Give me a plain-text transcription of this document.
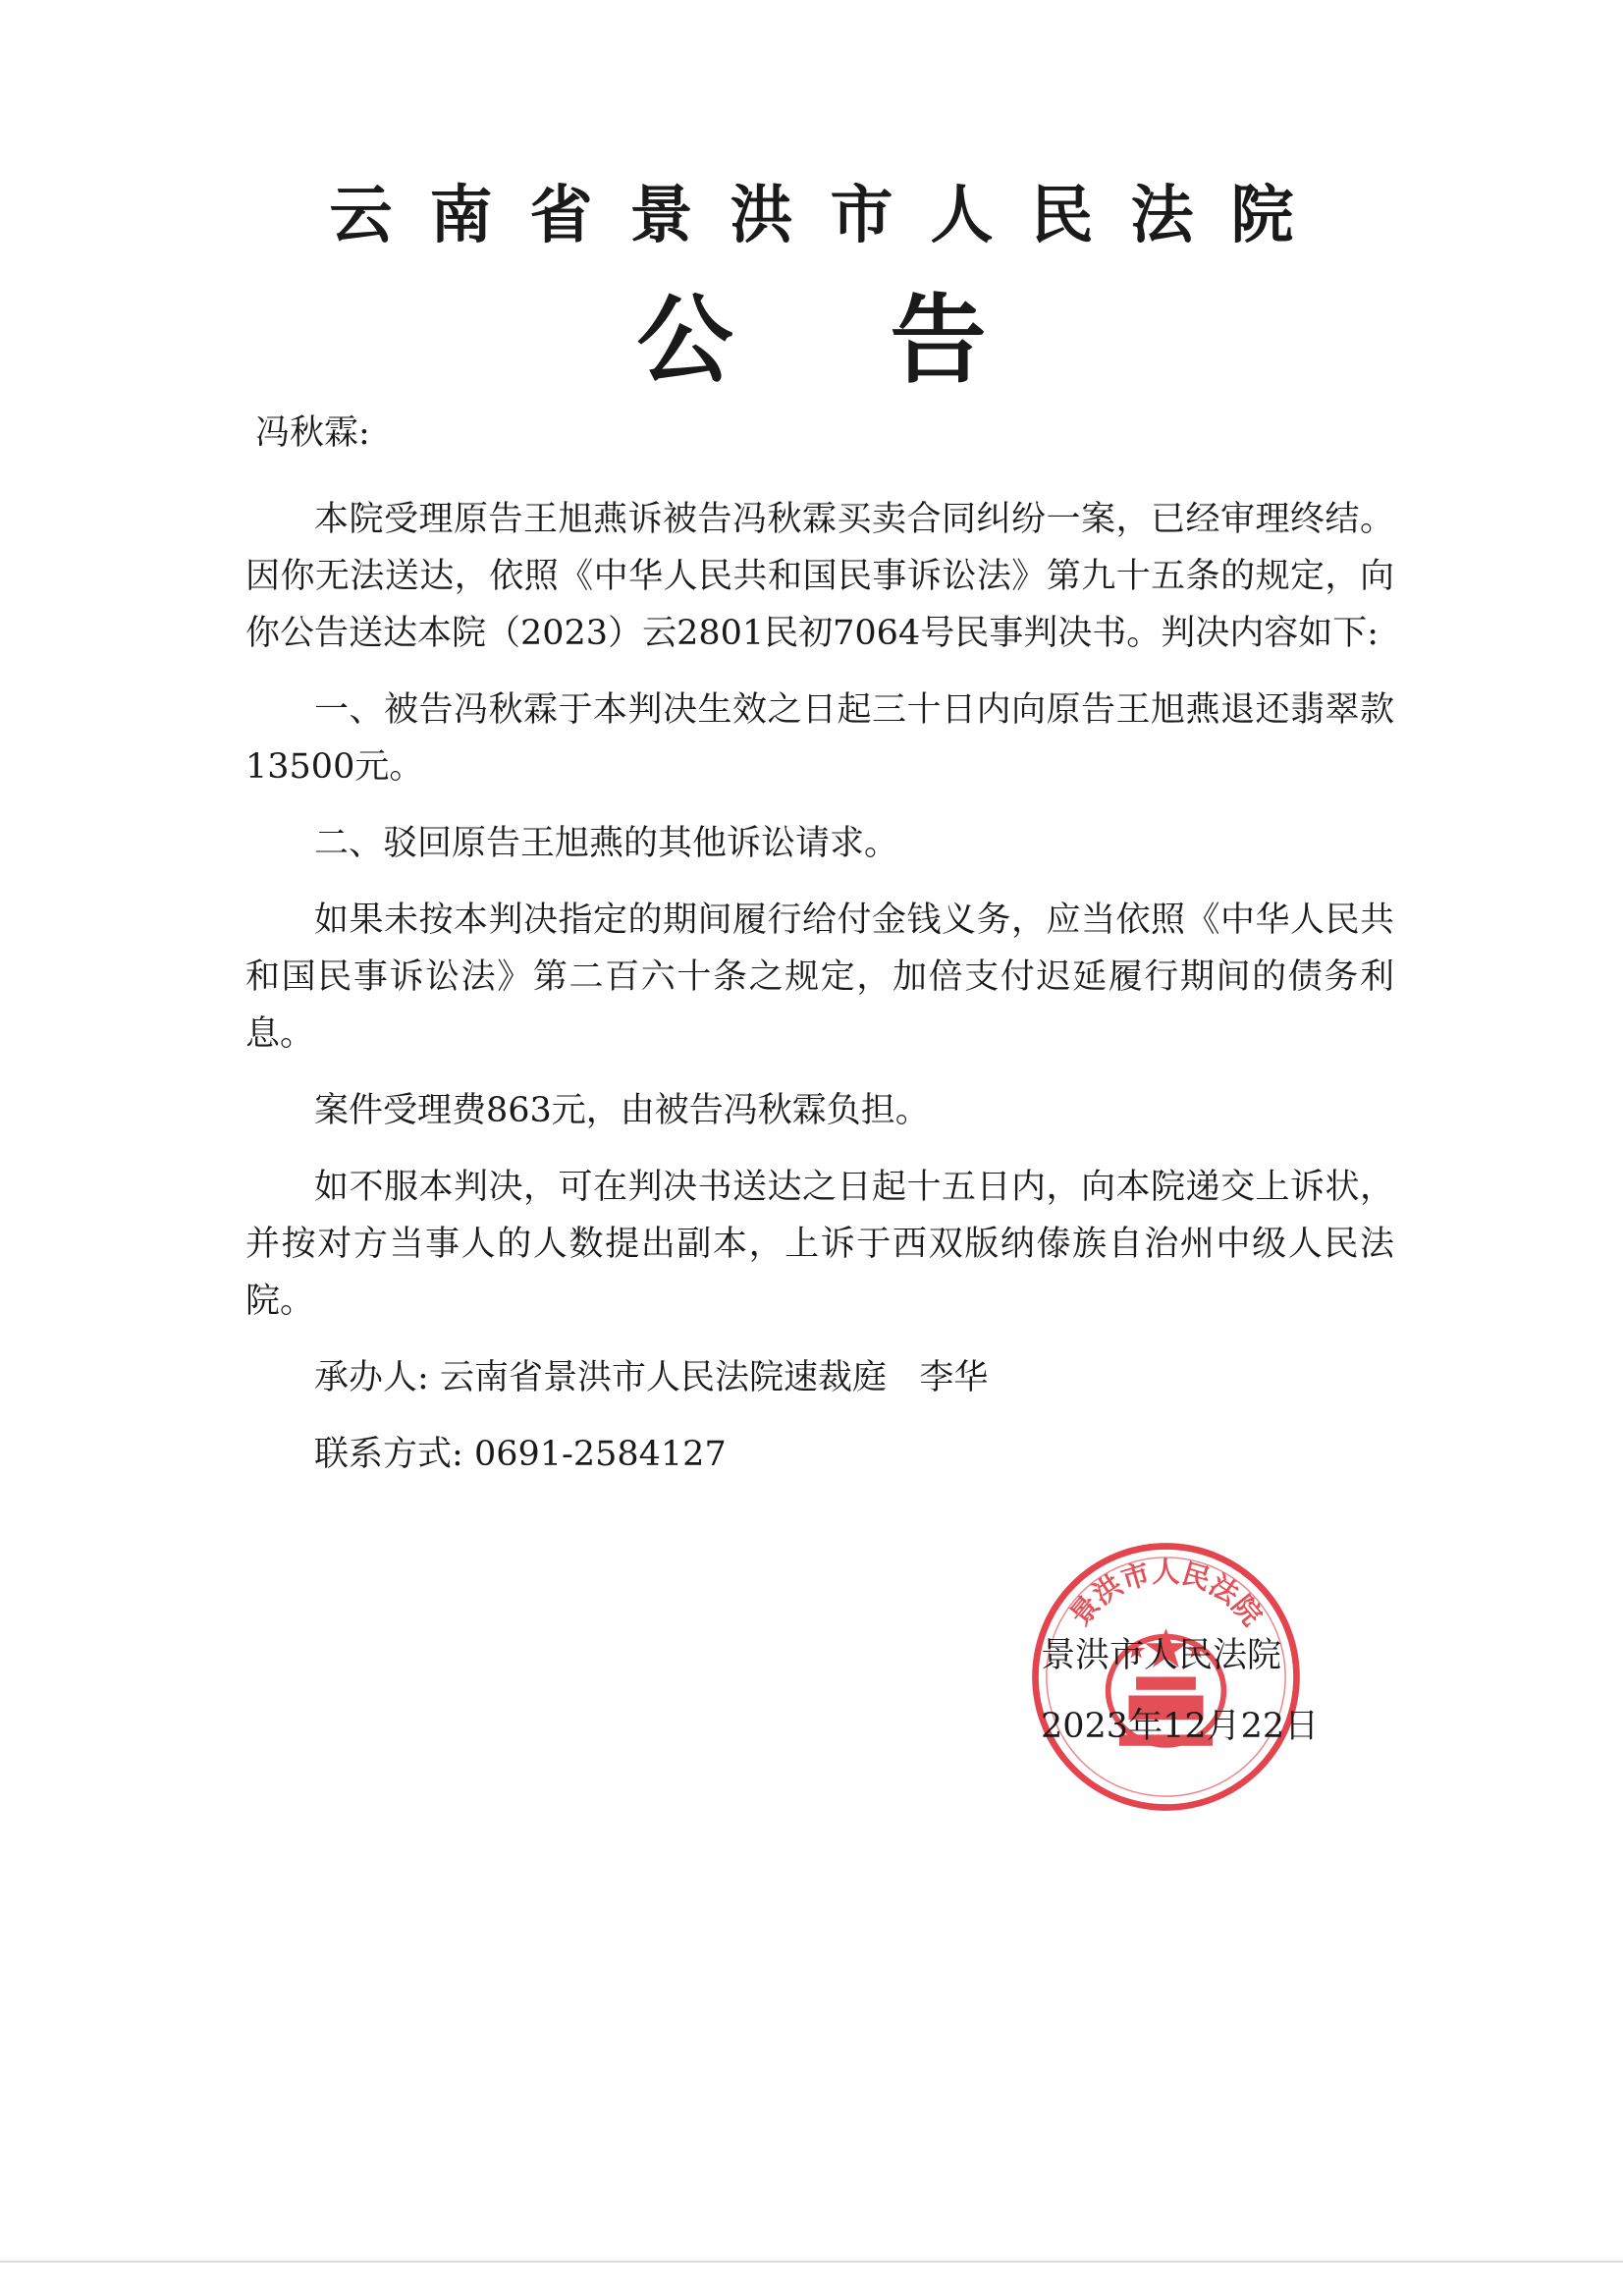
云南省景洪市人民法院
公告

冯秋霖:

本院受理原告王旭燕诉被告冯秋霖买卖合同纠纷一案，已经审理终结。因你无法送达，依照《中华人民共和国民事诉讼法》第九十五条的规定，向你公告送达本院（2023）云2801民初7064号民事判决书。判决内容如下:

一、被告冯秋霖于本判决生效之日起三十日内向原告王旭燕退还翡翠款13500元。

二、驳回原告王旭燕的其他诉讼请求。

如果未按本判决指定的期间履行给付金钱义务，应当依照《中华人民共和国民事诉讼法》第二百六十条之规定，加倍支付迟延履行期间的债务利息。

案件受理费863元，由被告冯秋霖负担。

如不服本判决，可在判决书送达之日起十五日内，向本院递交上诉状，并按对方当事人的人数提出副本，上诉于西双版纳傣族自治州中级人民法院。

承办人: 云南省景洪市人民法院速裁庭 李华
联系方式: 0691-2584127
景洪市人民法院
景洪市人民法院
2023年12月22日
